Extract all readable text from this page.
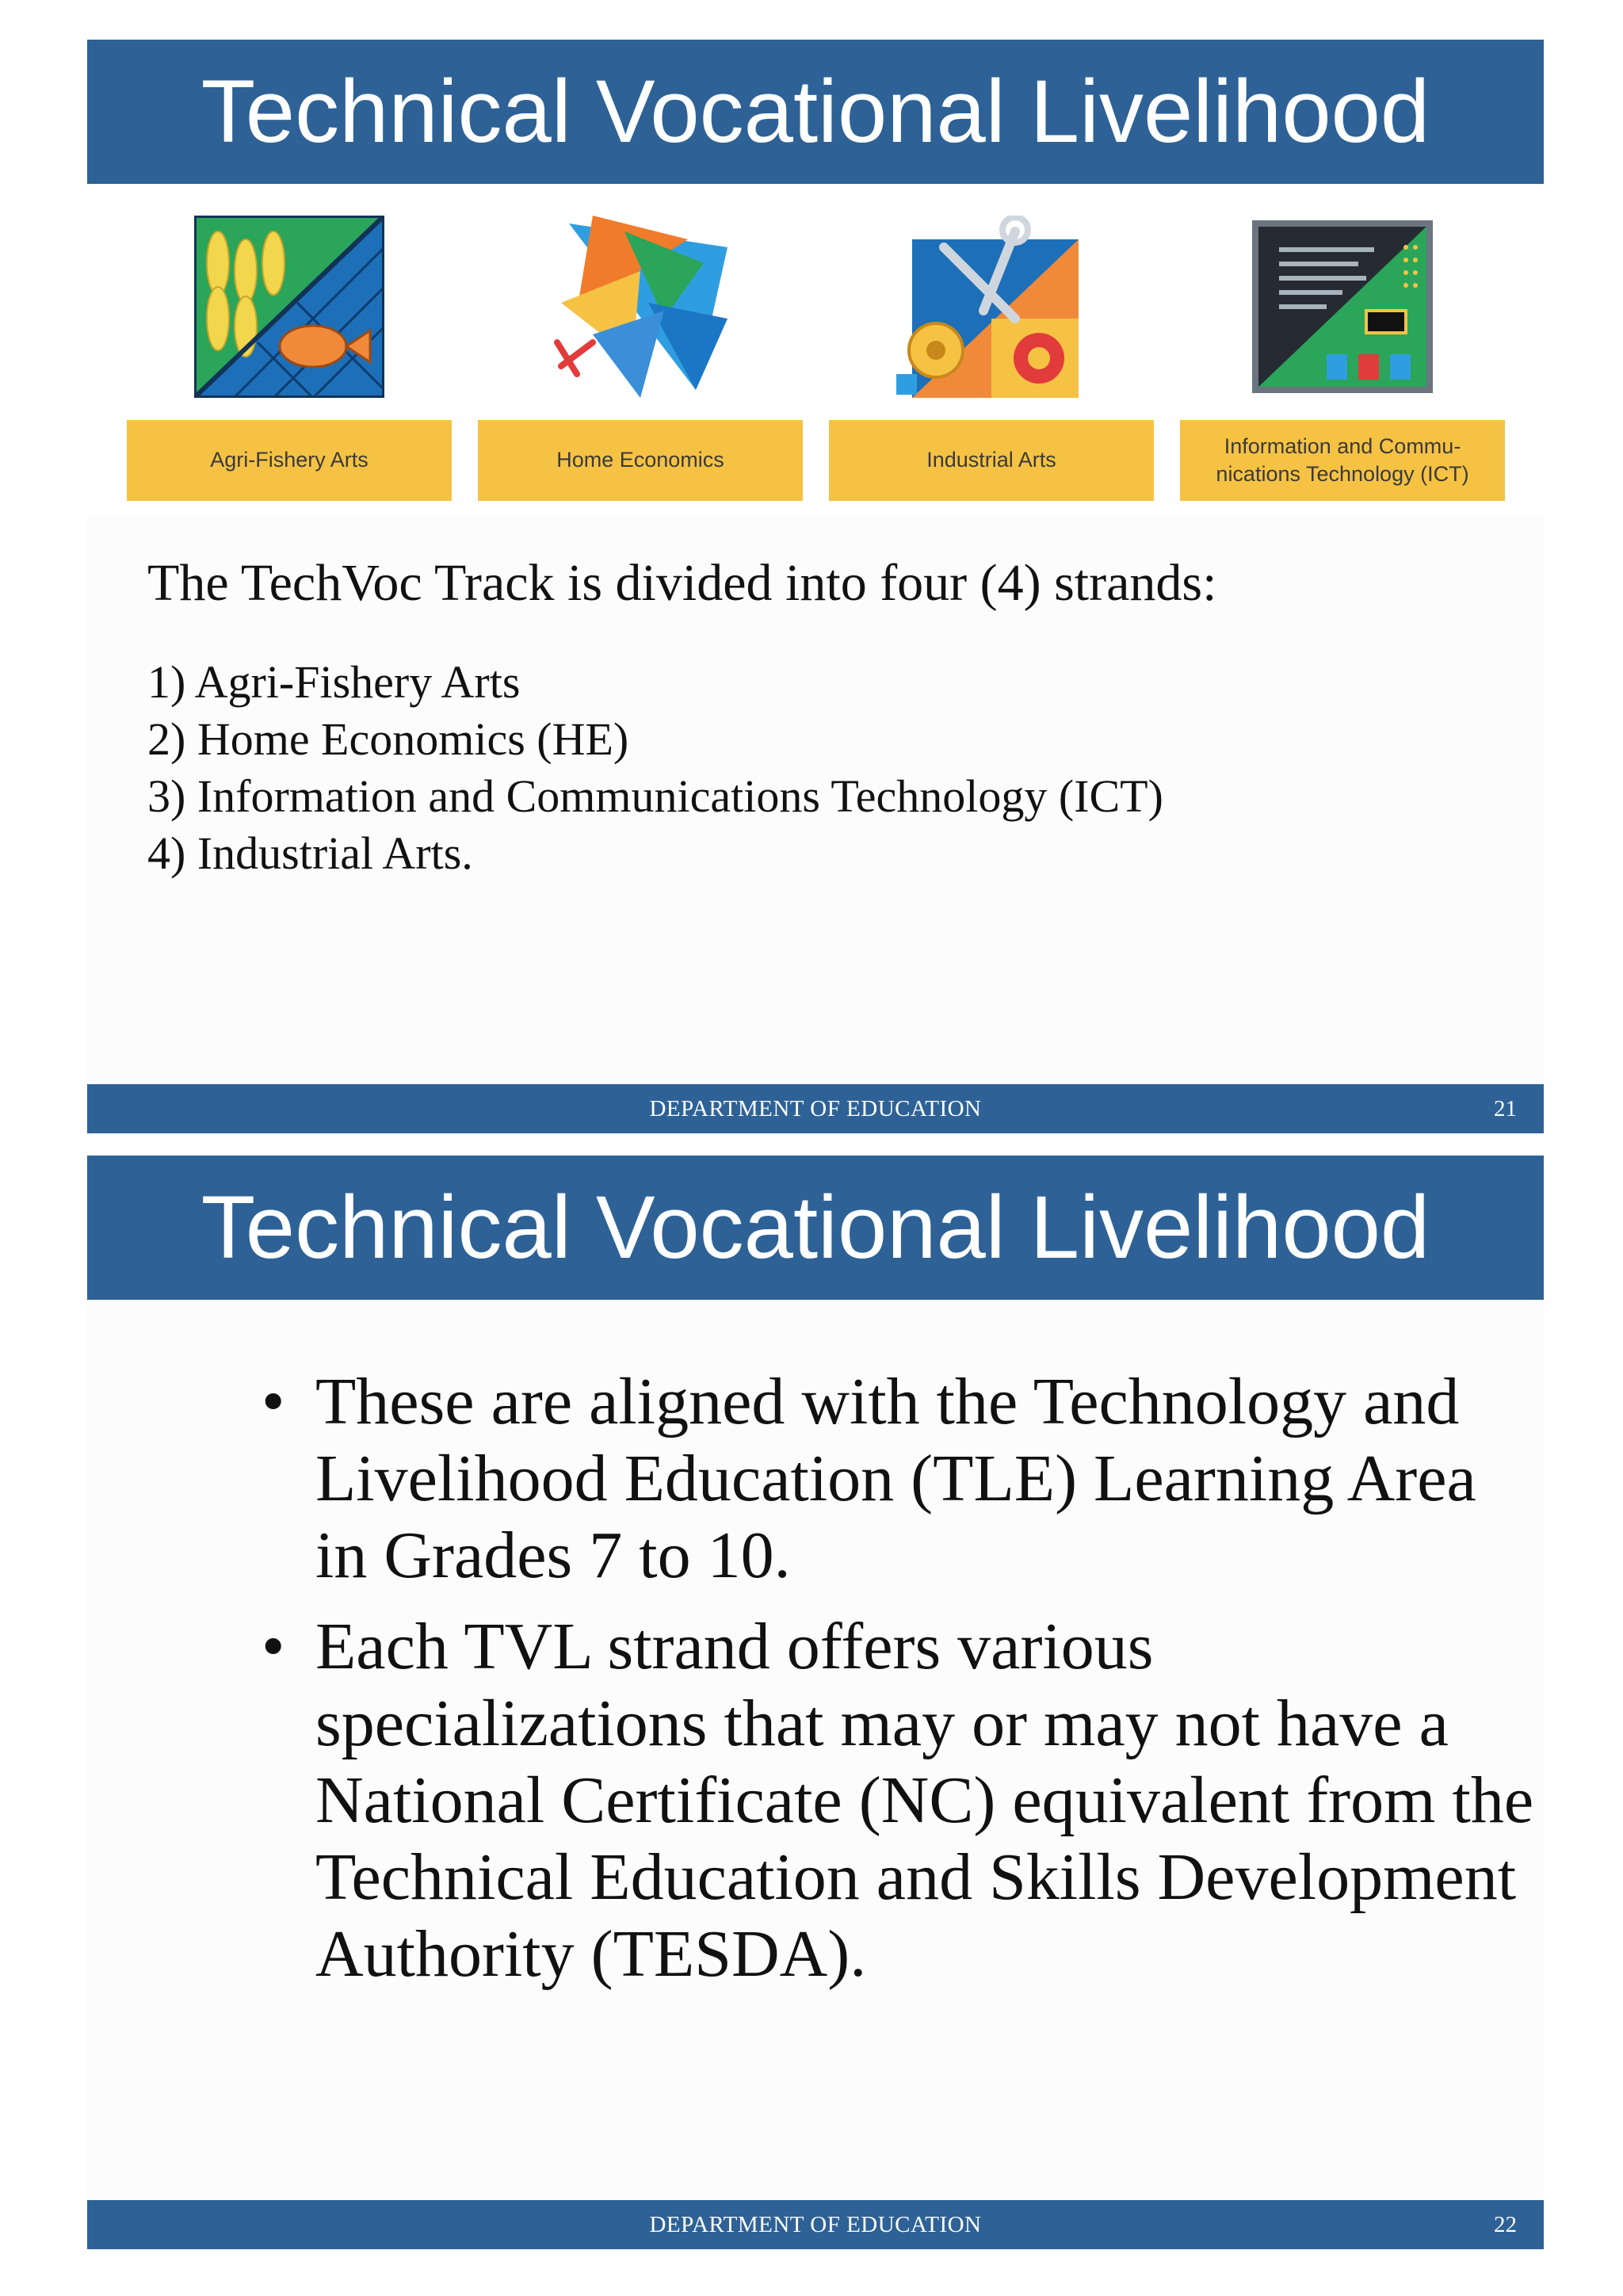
Technical Vocational Livelihood
Agri-Fishery Arts	Home Economics	Industrial Arts
Information and Commu-nications Technology (ICT)
The TechVoc Track is divided into four (4) strands:
1) Agri-Fishery Arts
2) Home Economics (HE)
3) Information and Communications Technology (ICT)
4) Industrial Arts.
DEPARTMENT OF EDUCATION	21
Technical Vocational Livelihood
• These are aligned with the Technology and Livelihood Education (TLE) Learning Area in Grades 7 to 10.
• Each TVL strand offers various specializations that may or may not have a National Certificate (NC) equivalent from the Technical Education and Skills Development Authority (TESDA).
DEPARTMENT OF EDUCATION	22
